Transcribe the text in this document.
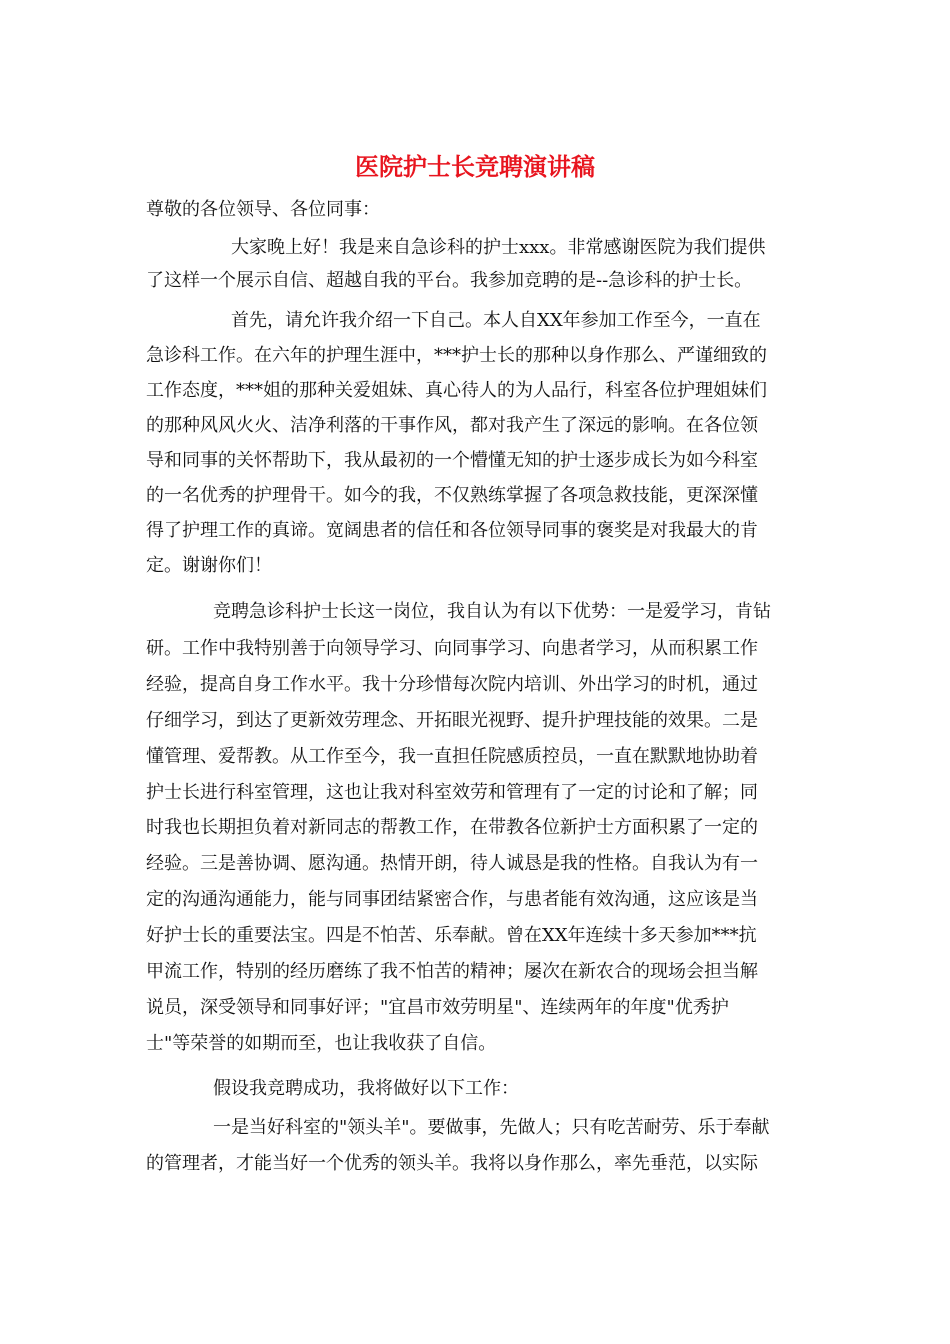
医院护士长竞聘演讲稿
尊敬的各位领导、各位同事：
大家晚上好！我是来自急诊科的护士xxx。非常感谢医院为我们提供
了这样一个展示自信、超越自我的平台。我参加竞聘的是--急诊科的护士长。
首先，请允许我介绍一下自己。本人自XX年参加工作至今，一直在
急诊科工作。在六年的护理生涯中，***护士长的那种以身作那么、严谨细致的
工作态度，***姐的那种关爱姐妹、真心待人的为人品行，科室各位护理姐妹们
的那种风风火火、洁净利落的干事作风，都对我产生了深远的影响。在各位领
导和同事的关怀帮助下，我从最初的一个懵懂无知的护士逐步成长为如今科室
的一名优秀的护理骨干。如今的我，不仅熟练掌握了各项急救技能，更深深懂
得了护理工作的真谛。宽阔患者的信任和各位领导同事的褒奖是对我最大的肯
定。谢谢你们！
竞聘急诊科护士长这一岗位，我自认为有以下优势：一是爱学习，肯钻
研。工作中我特别善于向领导学习、向同事学习、向患者学习，从而积累工作
经验，提高自身工作水平。我十分珍惜每次院内培训、外出学习的时机，通过
仔细学习，到达了更新效劳理念、开拓眼光视野、提升护理技能的效果。二是
懂管理、爱帮教。从工作至今，我一直担任院感质控员，一直在默默地协助着
护士长进行科室管理，这也让我对科室效劳和管理有了一定的讨论和了解；同
时我也长期担负着对新同志的帮教工作，在带教各位新护士方面积累了一定的
经验。三是善协调、愿沟通。热情开朗，待人诚恳是我的性格。自我认为有一
定的沟通沟通能力，能与同事团结紧密合作，与患者能有效沟通，这应该是当
好护士长的重要法宝。四是不怕苦、乐奉献。曾在XX年连续十多天参加***抗
甲流工作，特别的经历磨练了我不怕苦的精神；屡次在新农合的现场会担当解
说员，深受领导和同事好评；"宜昌市效劳明星"、连续两年的年度"优秀护
士"等荣誉的如期而至，也让我收获了自信。
假设我竞聘成功，我将做好以下工作：
一是当好科室的"领头羊"。要做事，先做人；只有吃苦耐劳、乐于奉献
的管理者，才能当好一个优秀的领头羊。我将以身作那么，率先垂范，以实际
